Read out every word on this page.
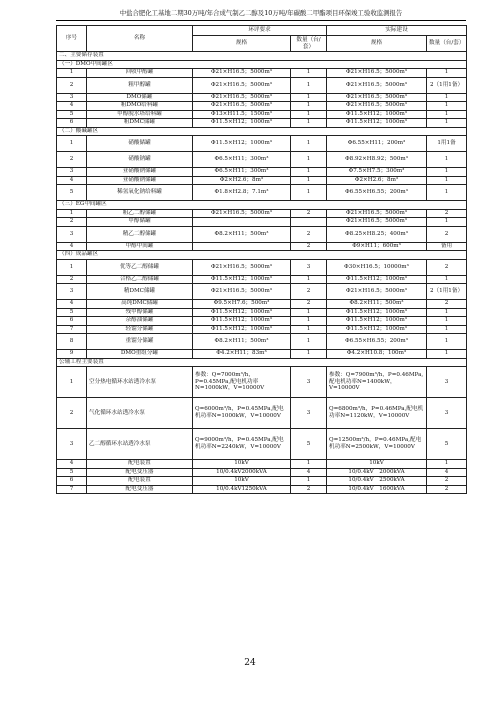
中盐合肥化工基地二期30万吨/年合成气制乙二醇及10万吨/年碳酸二甲酯项目环保竣工验收监测报告
序号	名称	环评要求		实际建设	
		规格	数量（台/套）	规格	数量（台/套）
二、主要储存装置					
（一）DMO中间罐区					
1	回收甲醇罐	Φ21×H16.5；5000m³	1	Φ21×H16.5；5000m³	1
2	粗甲醇罐	Φ21×H16.5；5000m³	1	Φ21×H16.5；5000m³	2（1用1备）
3	DMO储罐	Φ21×H16.5；5000m³	1	Φ21×H16.5；5000m³	1
4	粗DMO给料罐	Φ21×H16.5；5000m³	1	Φ21×H16.5；5000m³	1
5	甲醇脱水塔给料罐	Φ13×H11.5；1500m³	1	Φ11.5×H12；1000m³	1
6	粗DMC储罐	Φ11.5×H12；1000m³	1	Φ11.5×H12；1000m³	1
（二）酸碱罐区					
1	硝酸储罐	Φ11.5×H12；1000m³	1	Φ6.55×H11；200m³	1用1备
2	硝酸钠罐	Φ6.5×H11；300m³	1	Φ8.92×H8.92；500m³	1
3	亚硝酸钠储罐	Φ6.5×H11；300m³	1	Φ7.5×H7.5；300m³	1
4	亚硝酸钠储罐	Φ2×H2.6；8m³	1	Φ2×H2.6；8m³	1
5	稀氢氧化钠给料罐	Φ1.8×H2.8；7.1m³	1	Φ6.55×H6.55；200m³	1
（三）EG中间罐区					
1	粗乙二醇储罐	Φ21×H16.5；5000m³	2	Φ21×H16.5；5000m³	2
2	甲醇储罐			Φ21×H16.5；5000m³	1
3	精乙二醇储罐	Φ8.2×H11；500m³	2	Φ8.25×H8.25；400m³	2
4	甲醇中间罐		2	Φ9×H11；600m³	备用
（四）成品罐区					
1	优等乙二醇储罐	Φ21×H16.5；5000m³	3	Φ30×H16.5；10000m³	2
2	合格乙二醇储罐	Φ11.5×H12；1000m³	1	Φ11.5×H12；1000m³	1
3	精DMC储罐	Φ21×H16.5；5000m³	2	Φ21×H16.5；5000m³	2（1用1备）
4	高纯DMC储罐	Φ9.5×H7.6；500m³	2	Φ8.2×H11；500m³	2
5	残甲醇储罐	Φ11.5×H12；1000m³	1	Φ11.5×H12；1000m³	1
6	杂醇油储罐	Φ11.5×H12；1000m³	1	Φ11.5×H12；1000m³	1
7	轻馏分储罐	Φ11.5×H12；1000m³	1	Φ11.5×H12；1000m³	1
8	重馏分储罐	Φ8.2×H11；500m³	1	Φ6.55×H6.55；200m³	1
9	DMO重组分罐	Φ4.2×H11；83m³	1	Φ4.2×H10.8；100m³	1
公辅工程主要装置					
1	空分热电循环水站透冷水泵	参数：Q=7000m³/h，P=0.45MPa,配电机功率N=1000kW，V=10000V	3	参数：Q=7900m³/h，P=0.46MPa,配电机功率N=1400kW，V=10000V	3
2	气化循环水站透冷水泵	Q=6000m³/h，P=0.45MPa,配电机功率N=1000kW，V=10000V	3	Q=6800m³/h，P=0.46MPa,配电机功率N=1120kW，V=10000V	3
3	乙二醇循环水站透冷水泵	Q=9000m³/h，P=0.45MPa,配电机功率N=2240kW，V=10000V	5	Q=12500m³/h，P=0.46MPa,配电机功率N=2500kW，V=10000V	5
4	配电装置	10kV	1	10kV	1
5	配电变压器	10/0.4kV2000kVA	4	10/0.4kV　2000kVA	4
6	配电装置	10kV	1	10/0.4kV　2500kVA	2
7	配电变压器	10/0.4kV1250kVA	2	10/0.4kV　1600kVA	2
24
